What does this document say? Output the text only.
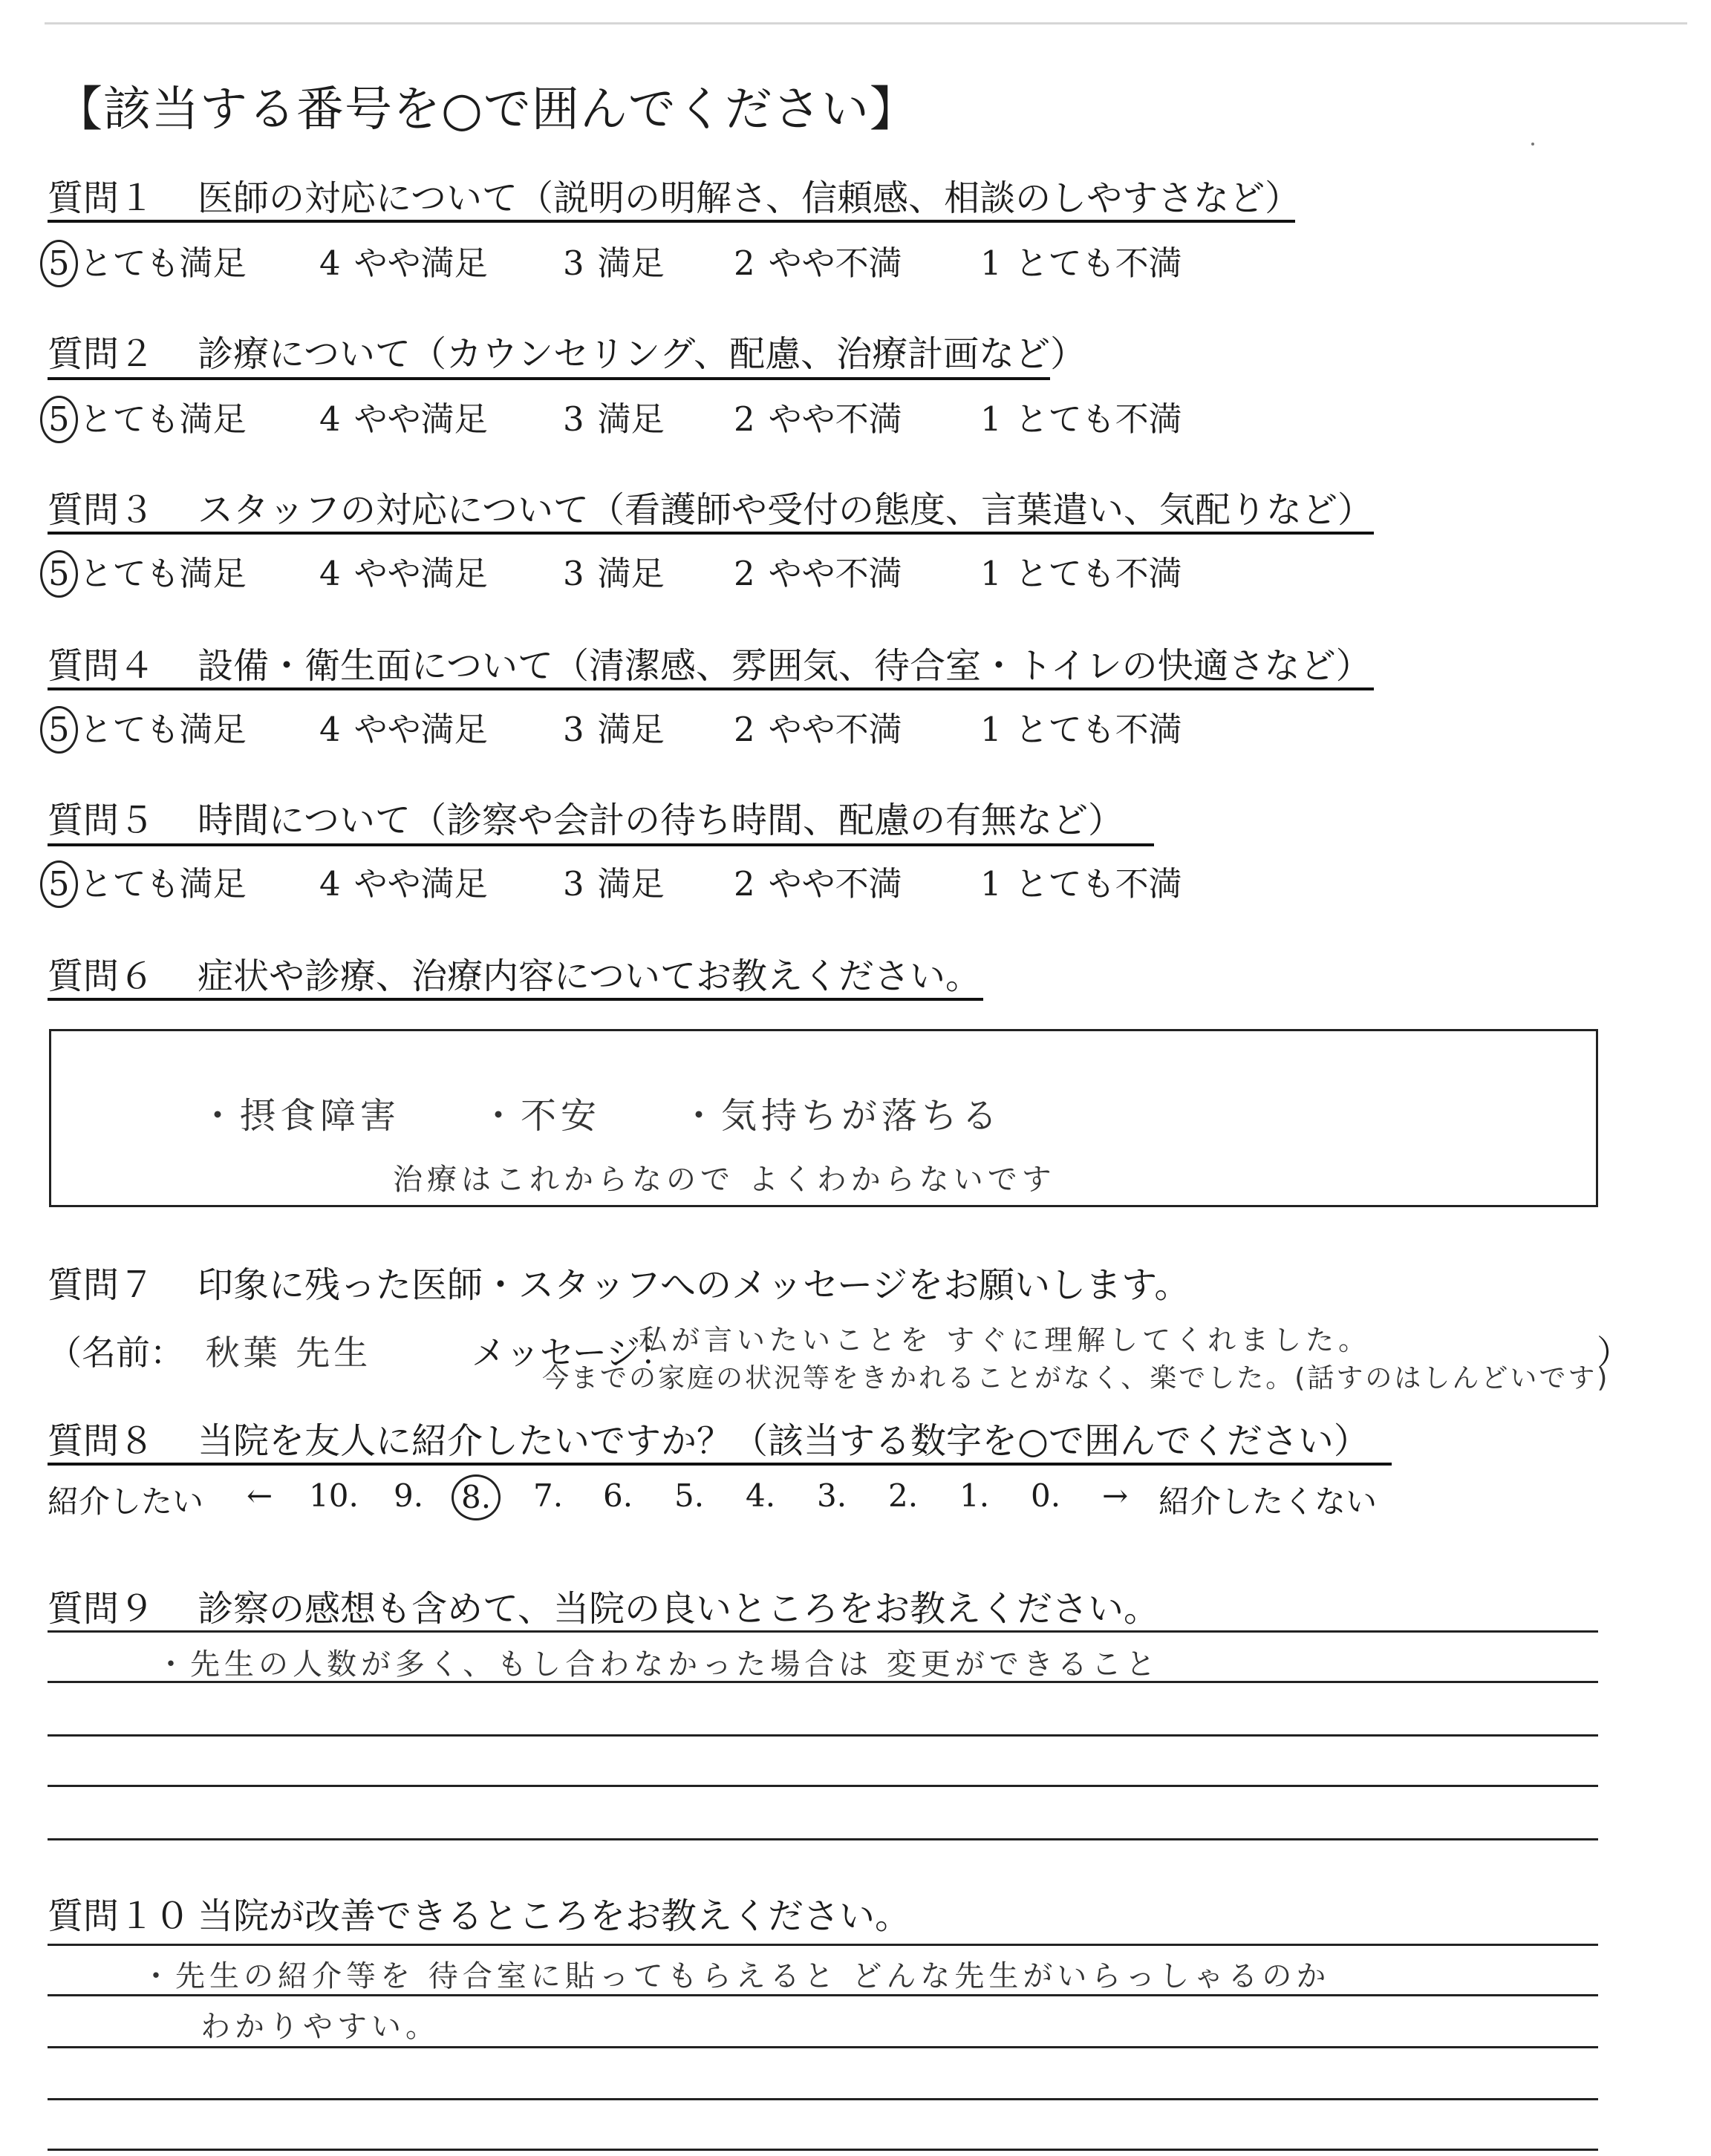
【該当する番号を○で囲んでください】
質問１ 医師の対応について（説明の明解さ、信頼感、相談のしやすさなど）
5 とても満足 4 やや満足 3 満足 2 やや不満 1 とても不満
質問２ 診療について（カウンセリング、配慮、治療計画など）
5 とても満足 4 やや満足 3 満足 2 やや不満 1 とても不満
質問３ スタッフの対応について（看護師や受付の態度、言葉遣い、気配りなど）
5 とても満足 4 やや満足 3 満足 2 やや不満 1 とても不満
質問４ 設備・衛生面について（清潔感、雰囲気、待合室・トイレの快適さなど）
5 とても満足 4 やや満足 3 満足 2 やや不満 1 とても不満
質問５ 時間について（診察や会計の待ち時間、配慮の有無など）
5 とても満足 4 やや満足 3 満足 2 やや不満 1 とても不満
質問６ 症状や診療、治療内容についてお教えください。
・摂食障害　　・不安　　・気持ちが落ちる
治療はこれからなので よくわからないです
質問７ 印象に残った医師・スタッフへのメッセージをお願いします。
（名前： 秋葉 先生	メッセージ：
私が言いたいことを すぐに理解してくれました。
今までの家庭の状況等をきかれることがなく、楽でした。(話すのはしんどいです)
）
質問８ 当院を友人に紹介したいですか？（該当する数字を○で囲んでください）
紹介したい ← 10. 9.	8.	7. 6. 5. 4. 3. 2. 1. 0. → 紹介したくない
質問９ 診察の感想も含めて、当院の良いところをお教えください。
・先生の人数が多く、もし合わなかった場合は 変更ができること
質問１０ 当院が改善できるところをお教えください。
・先生の紹介等を 待合室に貼ってもらえると どんな先生がいらっしゃるのか
わかりやすい。
